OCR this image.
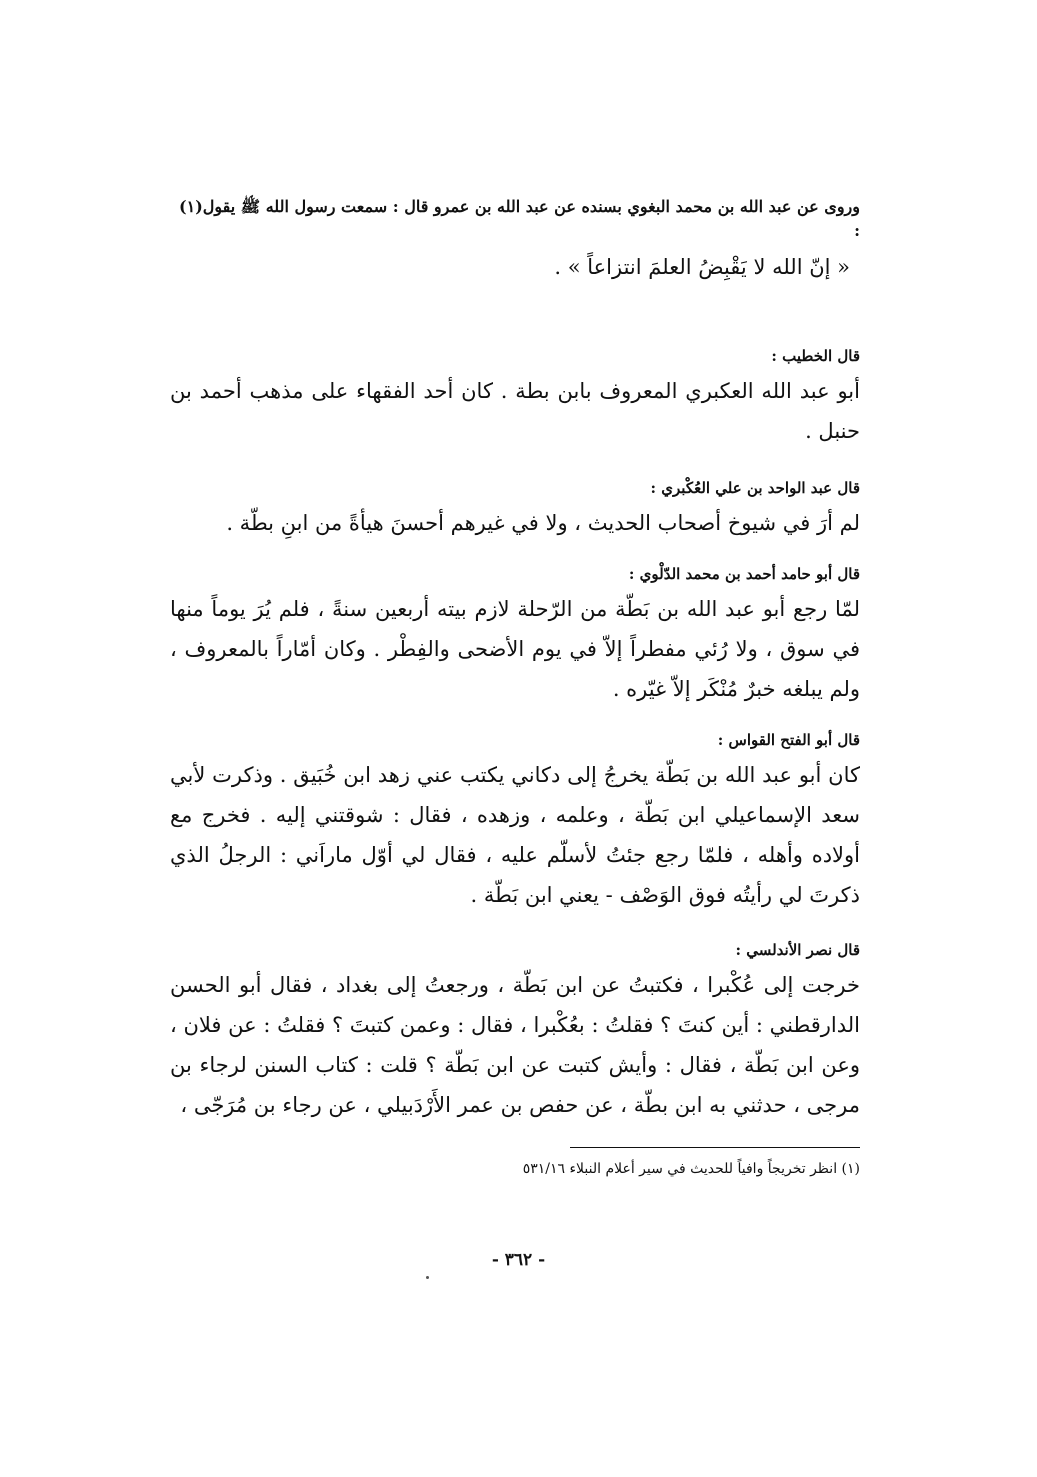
وروى عن عبد الله بن محمد البغوي بسنده عن عبد الله بن عمرو قال : سمعت رسول الله ﷺ يقول(١) :

« إنّ الله لا يَقْبِضُ العلمَ انتزاعاً » .

قال الخطيب :

أبو عبد الله العكبري المعروف بابن بطة . كان أحد الفقهاء على مذهب أحمد بن حنبل .

قال عبد الواحد بن علي العُكْبري :

لم أرَ في شيوخ أصحاب الحديث ، ولا في غيرهم أحسنَ هيأةً من ابنِ بطّة .

قال أبو حامد أحمد بن محمد الدّلْوي :

لمّا رجع أبو عبد الله بن بَطّة من الرّحلة لازم بيته أربعين سنةً ، فلم يُرَ يوماً منها في سوق ، ولا رُئي مفطراً إلاّ في يوم الأضحى والفِطْر . وكان أمّاراً بالمعروف ، ولم يبلغه خبرٌ مُنْكَر إلاّ غيّره .

قال أبو الفتح القواس :

كان أبو عبد الله بن بَطّة يخرجُ إلى دكاني يكتب عني زهد ابن خُبَيق . وذكرت لأبي سعد الإسماعيلي ابن بَطّة ، وعلمه ، وزهده ، فقال : شوقتني إليه . فخرج مع أولاده وأهله ، فلمّا رجع جئتُ لأسلّم عليه ، فقال لي أوّل ماراَني : الرجلُ الذي ذكرتَ لي رأيتُه فوق الوَصْف - يعني ابن بَطّة .

قال نصر الأندلسي :

خرجت إلى عُكْبرا ، فكتبتُ عن ابن بَطّة ، ورجعتُ إلى بغداد ، فقال أبو الحسن الدارقطني : أين كنتَ ؟ فقلتُ : بعُكْبرا ، فقال : وعمن كتبتَ ؟ فقلتُ : عن فلان ، وعن ابن بَطّة ، فقال : وأيش كتبت عن ابن بَطّة ؟ قلت : كتاب السنن لرجاء بن مرجى ، حدثني به ابن بطّة ، عن حفص بن عمر الأَرْدَبيلي ، عن رجاء بن مُرَجّى ،

(١) انظر تخريجاً وافياً للحديث في سير أعلام النبلاء ٥٣١/١٦

- ٣٦٢ -
